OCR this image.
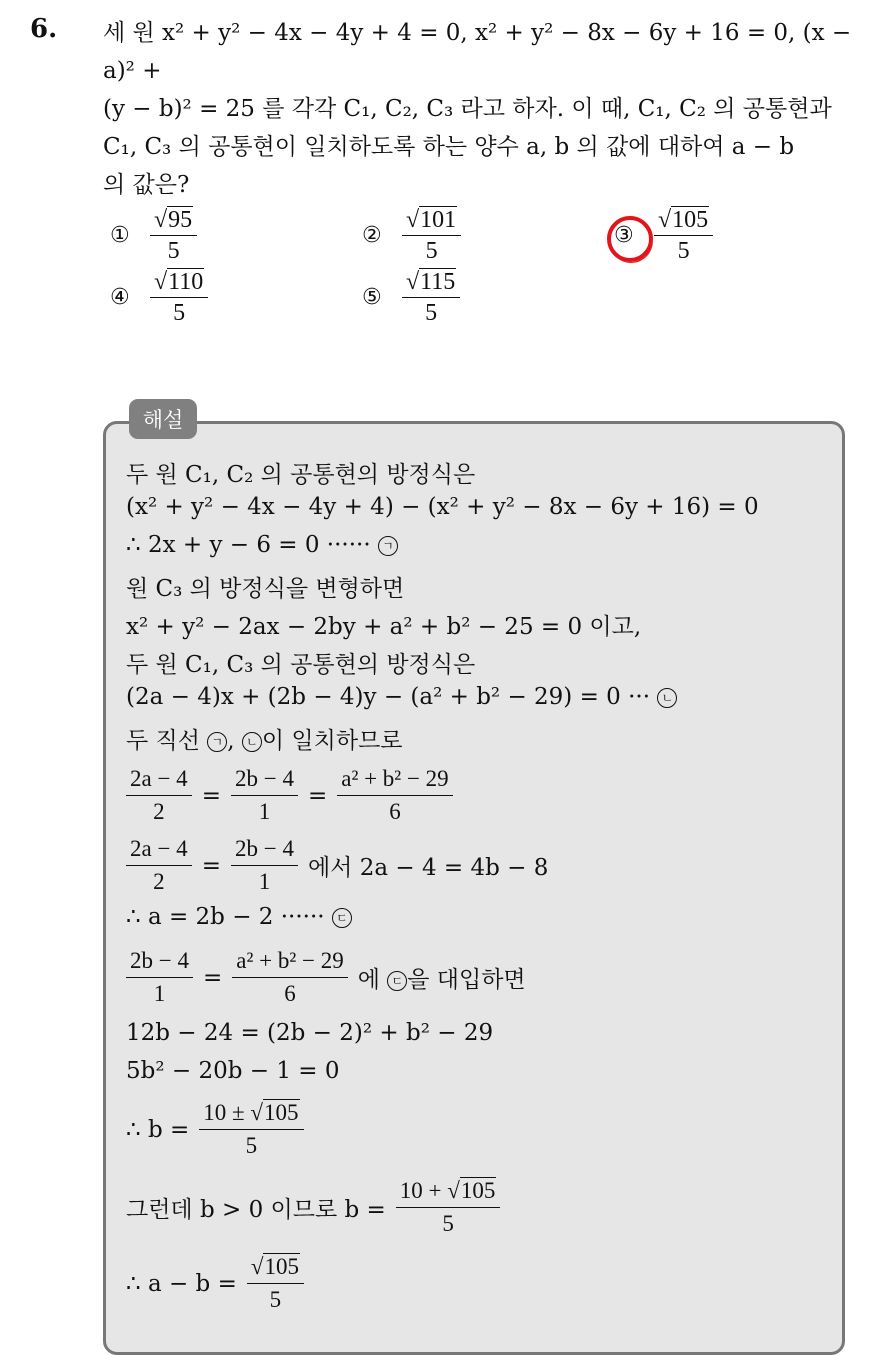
6. 세 원 x² + y² − 4x − 4y + 4 = 0, x² + y² − 8x − 6y + 16 = 0, (x − a)² +
(y − b)² = 25 를 각각 C₁, C₂, C₃ 라고 하자. 이 때, C₁, C₂ 의 공통현과
C₁, C₃ 의 공통현이 일치하도록 하는 양수 a, b 의 값에 대하여 a − b
의 값은?
① $\frac{√95}{5}$	② $\frac{√101}{5}$	③ $\frac{√105}{5}$
④ $\frac{√110}{5}$	⑤ $\frac{√115}{5}$
해설
두 원 C₁, C₂ 의 공통현의 방정식은
(x² + y² − 4x − 4y + 4) − (x² + y² − 8x − 6y + 16) = 0
∴ 2x + y − 6 = 0 ······ ㄱ
원 C₃ 의 방정식을 변형하면
x² + y² − 2ax − 2by + a² + b² − 25 = 0 이고,
두 원 C₁, C₃ 의 공통현의 방정식은
(2a − 4)x + (2b − 4)y − (a² + b² − 29) = 0 ··· ㄴ
두 직선 ㄱ , ㄴ 이 일치하므로
$\frac{2a - 4}{2} = \frac{2b - 4}{1} = \frac{\text{a² + b² − 29}}{6}$
$\frac{2a - 4}{2} = \frac{2b - 4}{1}$ 에서 2a − 4 = 4b − 8
∴ a = 2b − 2 ······ ㄷ
$\frac{2b - 4}{1} = \frac{\text{a² + b² − 29}}{6}$ 에 ㄷ 을 대입하면
12b − 24 = (2b − 2)² + b² − 29
5b² − 20b − 1 = 0
∴ $b = \frac{10 \pm √105}{5}$
그런데 b > 0 이므로 $b = \frac{10 + √105}{5}$
∴ $a - b = \frac{√105}{5}$
